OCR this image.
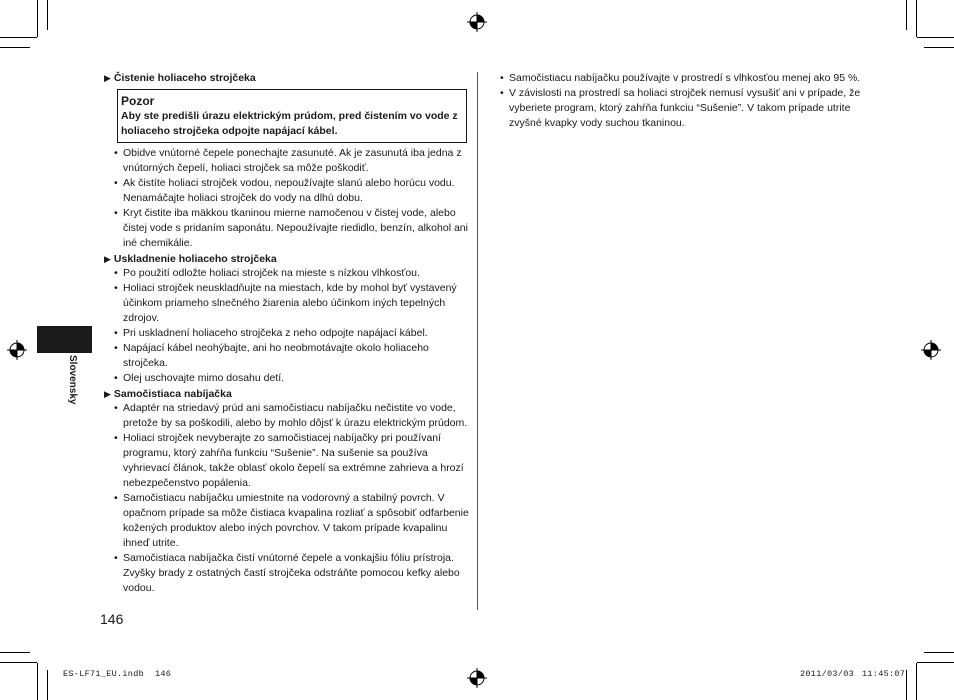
Slovensky
▶ Čistenie holiaceho strojčeka
Pozor
Aby ste predišli úrazu elektrickým prúdom, pred čistením vo vode z holiaceho strojčeka odpojte napájací kábel.
• Obidve vnútorné čepele ponechajte zasunuté. Ak je zasunutá iba jedna z vnútorných čepelí, holiaci strojček sa môže poškodiť.
• Ak čistíte holiaci strojček vodou, nepoužívajte slanú alebo horúcu vodu. Nenamáčajte holiaci strojček do vody na dlhú dobu.
• Kryt čistite iba mäkkou tkaninou mierne namočenou v čistej vode, alebo čistej vode s pridaním saponátu. Nepoužívajte riedidlo, benzín, alkohol ani iné chemikálie.
▶ Uskladnenie holiaceho strojčeka
• Po použití odložte holiaci strojček na mieste s nízkou vlhkosťou.
• Holiaci strojček neuskladňujte na miestach, kde by mohol byť vystavený účinkom priameho slnečného žiarenia alebo účinkom iných tepelných zdrojov.
• Pri uskladnení holiaceho strojčeka z neho odpojte napájací kábel.
• Napájací kábel neohýbajte, ani ho neobmotávajte okolo holiaceho strojčeka.
• Olej uschovajte mimo dosahu detí.
▶ Samočistiaca nabíjačka
• Adaptér na striedavý prúd ani samočistiacu nabíjačku nečistite vo vode, pretože by sa poškodili, alebo by mohlo dôjsť k úrazu elektrickým prúdom.
• Holiaci strojček nevyberajte zo samočistiacej nabíjačky pri používaní programu, ktorý zahŕňa funkciu “Sušenie”. Na sušenie sa používa vyhrievací článok, takže oblasť okolo čepelí sa extrémne zahrieva a hrozí nebezpečenstvo popálenia.
• Samočistiacu nabíjačku umiestnite na vodorovný a stabilný povrch. V opačnom prípade sa môže čistiaca kvapalina rozliať a spôsobiť odfarbenie kožených produktov alebo iných povrchov. V takom prípade kvapalinu ihneď utrite.
• Samočistiaca nabíjačka čistí vnútorné čepele a vonkajšiu fóliu prístroja. Zvyšky brady z ostatných častí strojčeka odstráňte pomocou kefky alebo vodou.
• Samočistiacu nabíjačku používajte v prostredí s vlhkosťou menej ako 95 %.
• V závislosti na prostredí sa holiaci strojček nemusí vysušiť ani v prípade, že vyberiete program, ktorý zahŕňa funkciu “Sušenie”. V takom prípade utrite zvyšné kvapky vody suchou tkaninou.
146
ES-LF71_EU.indb 146	2011/03/03 11:45:07
